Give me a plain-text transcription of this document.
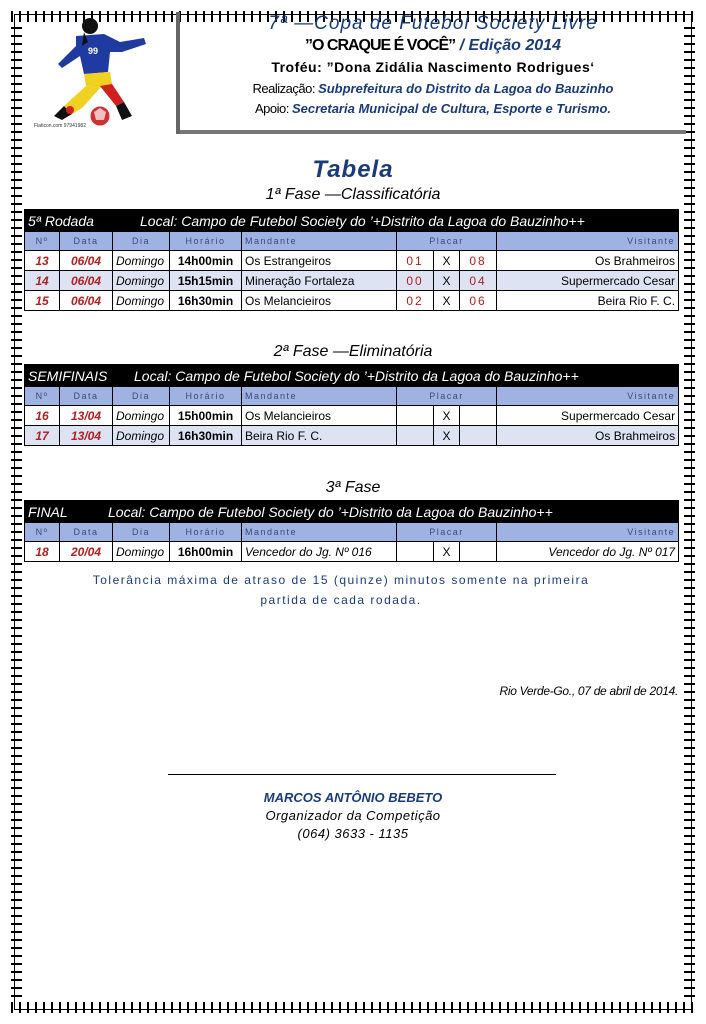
99
Flaticon.com 97941982
7ª —Copa de Futebol Society Livre
”O CRAQUE É VOCÊ” / Edição 2014
Troféu: ”Dona Zidália Nascimento Rodrigues‘
Realização: Subprefeitura do Distrito da Lagoa do Bauzinho
Apoio: Secretaria Municipal de Cultura, Esporte e Turismo.
Tabela
1ª Fase —Classificatória
5ª Rodada Local: Campo de Futebol Society do ’+Distrito da Lagoa do Bauzinho++								
Nº	Data	Dia	Horário	Mandante	Placar			Visitante
13	06/04	Domingo	14h00min	Os Estrangeiros	01	X	08	Os Brahmeiros
14	06/04	Domingo	15h15min	Mineração Fortaleza	00	X	04	Supermercado Cesar
15	06/04	Domingo	16h30min	Os Melancieiros	02	X	06	Beira Rio F. C.
2ª Fase —Eliminatória
SEMIFINAIS Local: Campo de Futebol Society do ’+Distrito da Lagoa do Bauzinho++								
Nº	Data	Dia	Horário	Mandante	Placar			Visitante
16	13/04	Domingo	15h00min	Os Melancieiros		X		Supermercado Cesar
17	13/04	Domingo	16h30min	Beira Rio F. C.		X		Os Brahmeiros
3ª Fase
FINAL Local: Campo de Futebol Society do ’+Distrito da Lagoa do Bauzinho++								
Nº	Data	Dia	Horário	Mandante	Placar			Visitante
18	20/04	Domingo	16h00min	Vencedor do Jg. Nº 016		X		Vencedor do Jg. Nº 017
Tolerância máxima de atraso de 15 (quinze) minutos somente na primeira
partida de cada rodada.
Rio Verde-Go., 07 de abril de 2014.
MARCOS ANTÔNIO BEBETO
Organizador da Competição
(064) 3633 - 1135
